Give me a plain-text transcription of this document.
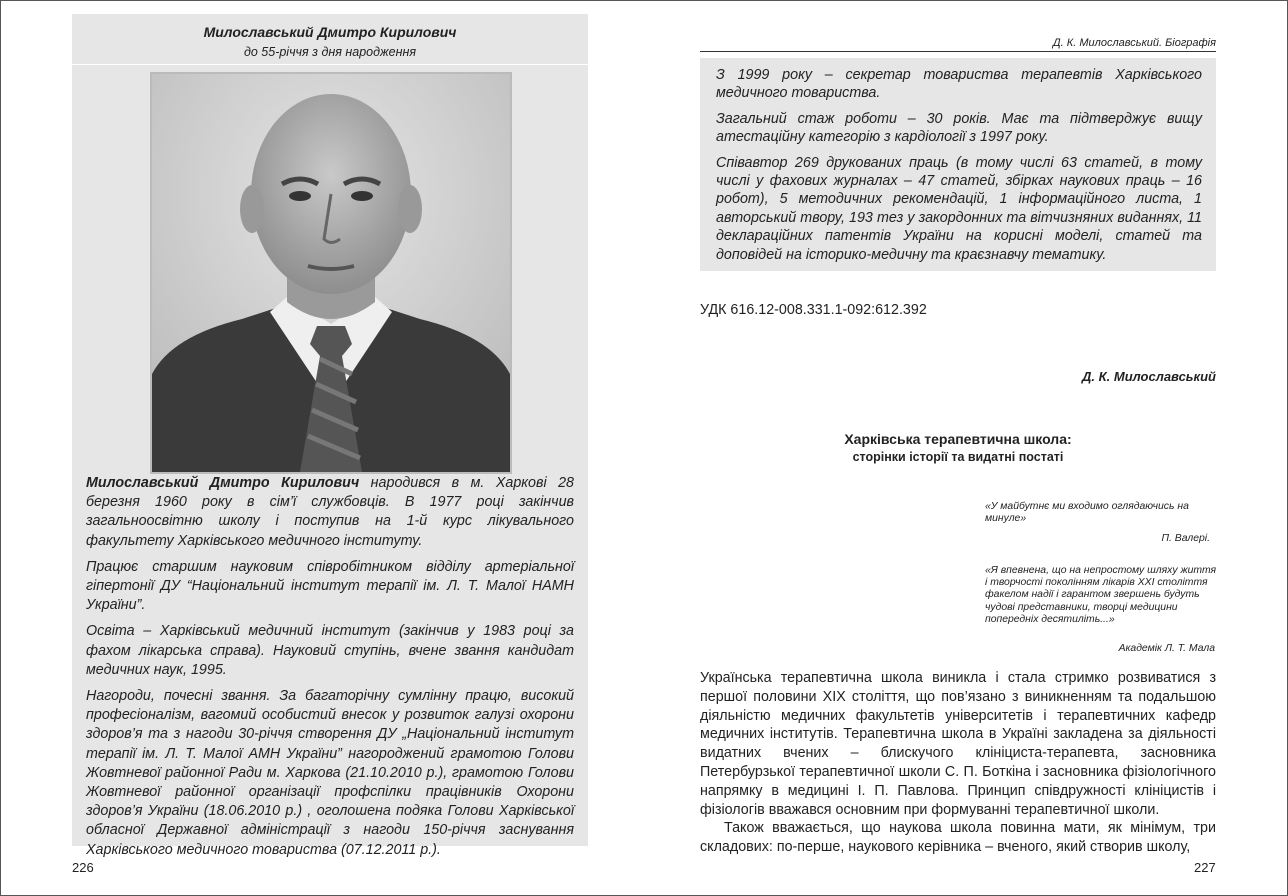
Милославський Дмитро Кирилович
до 55-річчя з дня народження

Милославський Дмитро Кирилович народився в м. Харкові 28 березня 1960 року в сім’ї службовців. В 1977 році закінчив загальноосвітню школу і поступив на 1-й курс лікувального факультету Харківського медичного інституту.

Працює старшим науковим співробітником відділу артеріальної гіпертонії ДУ “Національний інститут терапії ім. Л. Т. Малої НАМН України”.

Освіта – Харківський медичний інститут (закінчив у 1983 році за фахом лікарська справа). Науковий ступінь, вчене звання кандидат медичних наук, 1995.

Нагороди, почесні звання. За багаторічну сумлінну працю, високий професіоналізм, вагомий особистий внесок у розвиток галузі охорони здоров’я та з нагоди 30-річчя створення ДУ „Національний інститут терапії ім. Л. Т. Малої АМН України” нагороджений грамотою Голови Жовтневої районної Ради м. Харкова (21.10.2010 р.), грамотою Голови Жовтневої районної організації профспілки працівників Охорони здоров’я України (18.06.2010 р.) , оголошена подяка Голови Харківської обласної Державної адміністрації з нагоди 150-річчя заснування Харківського медичного товариства (07.12.2011 р.).

226
Д. К. Милославський. Біографія

З 1999 року – секретар товариства терапевтів Харківського медичного товариства.

Загальний стаж роботи – 30 років. Має та підтверджує вищу атестаційну категорію з кардіології з 1997 року.

Співавтор 269 друкованих праць (в тому числі 63 статей, в тому числі у фахових журналах – 47 статей, збірках наукових праць – 16 робот), 5 методичних рекомендацій, 1 інформаційного листа, 1 авторський твору, 193 тез у закордонних та вітчизняних виданнях, 11 деклараційних патентів України на корисні моделі, статей та доповідей на історико-медичну та краєзнавчу тематику.

УДК 616.12-008.331.1-092:612.392
Д. К. Милославський
Харківська терапевтична школа:
сторінки історії та видатні постаті
«У майбутнє ми входимо оглядаючись на минуле»
П. Валері.
«Я впевнена, що на непростому шляху життя і творчості поколінням лікарів XXI століття факелом надії і гарантом звершень будуть чудові представники, творці медицини попередніх десятиліть...»
Академік Л. Т. Мала

Українська терапевтична школа виникла і стала стримко розвиватися з першої половини XIX століття, що пов’язано з виникненням та подальшою діяльністю медичних факультетів університетів і терапевтичних кафедр медичних інститутів. Терапевтична школа в Україні закладена за діяльності видатних вчених – блискучого клініциста-терапевта, засновника Петербурзької терапевтичної школи С. П. Боткіна і засновника фізіологічного напрямку в медицині І. П. Павлова. Принцип співдружності клініцистів і фізіологів вважався основним при формуванні терапевтичної школи.

Також вважається, що наукова школа повинна мати, як мінімум, три складових: по-перше, наукового керівника – вченого, який створив школу,

227
